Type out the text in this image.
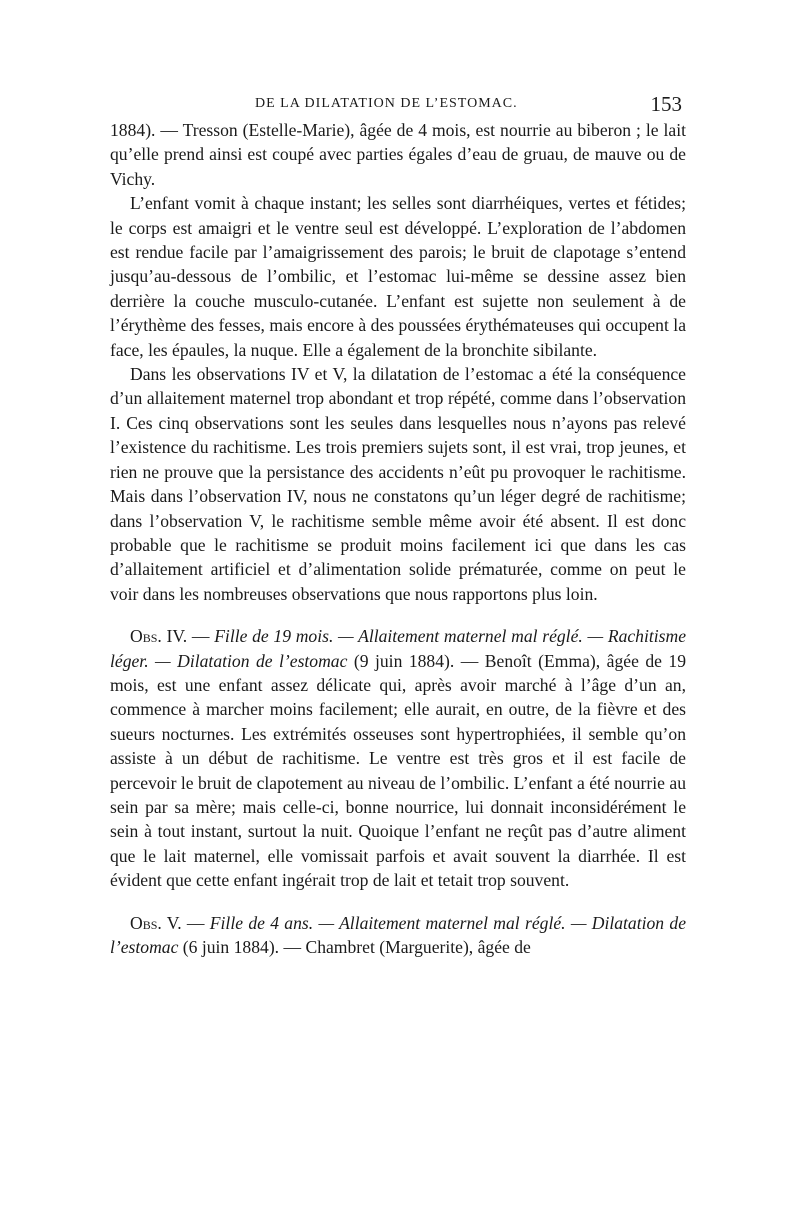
DE LA DILATATION DE L’ESTOMAC.	153

1884). — Tresson (Estelle-Marie), âgée de 4 mois, est nourrie au biberon ; le lait qu’elle prend ainsi est coupé avec parties égales d’eau de gruau, de mauve ou de Vichy.

L’enfant vomit à chaque instant; les selles sont diarrhéiques, vertes et fétides; le corps est amaigri et le ventre seul est développé. L’exploration de l’abdomen est rendue facile par l’amaigrissement des parois; le bruit de clapotage s’entend jusqu’au-dessous de l’ombilic, et l’estomac lui-même se dessine assez bien derrière la couche musculo-cutanée. L’enfant est sujette non seulement à de l’érythème des fesses, mais encore à des poussées érythémateuses qui occupent la face, les épaules, la nuque. Elle a également de la bronchite sibilante.

Dans les observations IV et V, la dilatation de l’estomac a été la conséquence d’un allaitement maternel trop abondant et trop répété, comme dans l’observation I. Ces cinq observations sont les seules dans lesquelles nous n’ayons pas relevé l’existence du rachitisme. Les trois premiers sujets sont, il est vrai, trop jeunes, et rien ne prouve que la persistance des accidents n’eût pu provoquer le rachitisme. Mais dans l’observation IV, nous ne constatons qu’un léger degré de rachitisme; dans l’observation V, le rachitisme semble même avoir été absent. Il est donc probable que le rachitisme se produit moins facilement ici que dans les cas d’allaitement artificiel et d’alimentation solide prématurée, comme on peut le voir dans les nombreuses observations que nous rapportons plus loin.

Obs. IV. — Fille de 19 mois. — Allaitement maternel mal réglé. — Rachitisme léger. — Dilatation de l’estomac (9 juin 1884). — Benoît (Emma), âgée de 19 mois, est une enfant assez délicate qui, après avoir marché à l’âge d’un an, commence à marcher moins facilement; elle aurait, en outre, de la fièvre et des sueurs nocturnes. Les extrémités osseuses sont hypertrophiées, il semble qu’on assiste à un début de rachitisme. Le ventre est très gros et il est facile de percevoir le bruit de clapotement au niveau de l’ombilic. L’enfant a été nourrie au sein par sa mère; mais celle-ci, bonne nourrice, lui donnait inconsidérément le sein à tout instant, surtout la nuit. Quoique l’enfant ne reçût pas d’autre aliment que le lait maternel, elle vomissait parfois et avait souvent la diarrhée. Il est évident que cette enfant ingérait trop de lait et tetait trop souvent.

Obs. V. — Fille de 4 ans. — Allaitement maternel mal réglé. — Dilatation de l’estomac (6 juin 1884). — Chambret (Marguerite), âgée de
